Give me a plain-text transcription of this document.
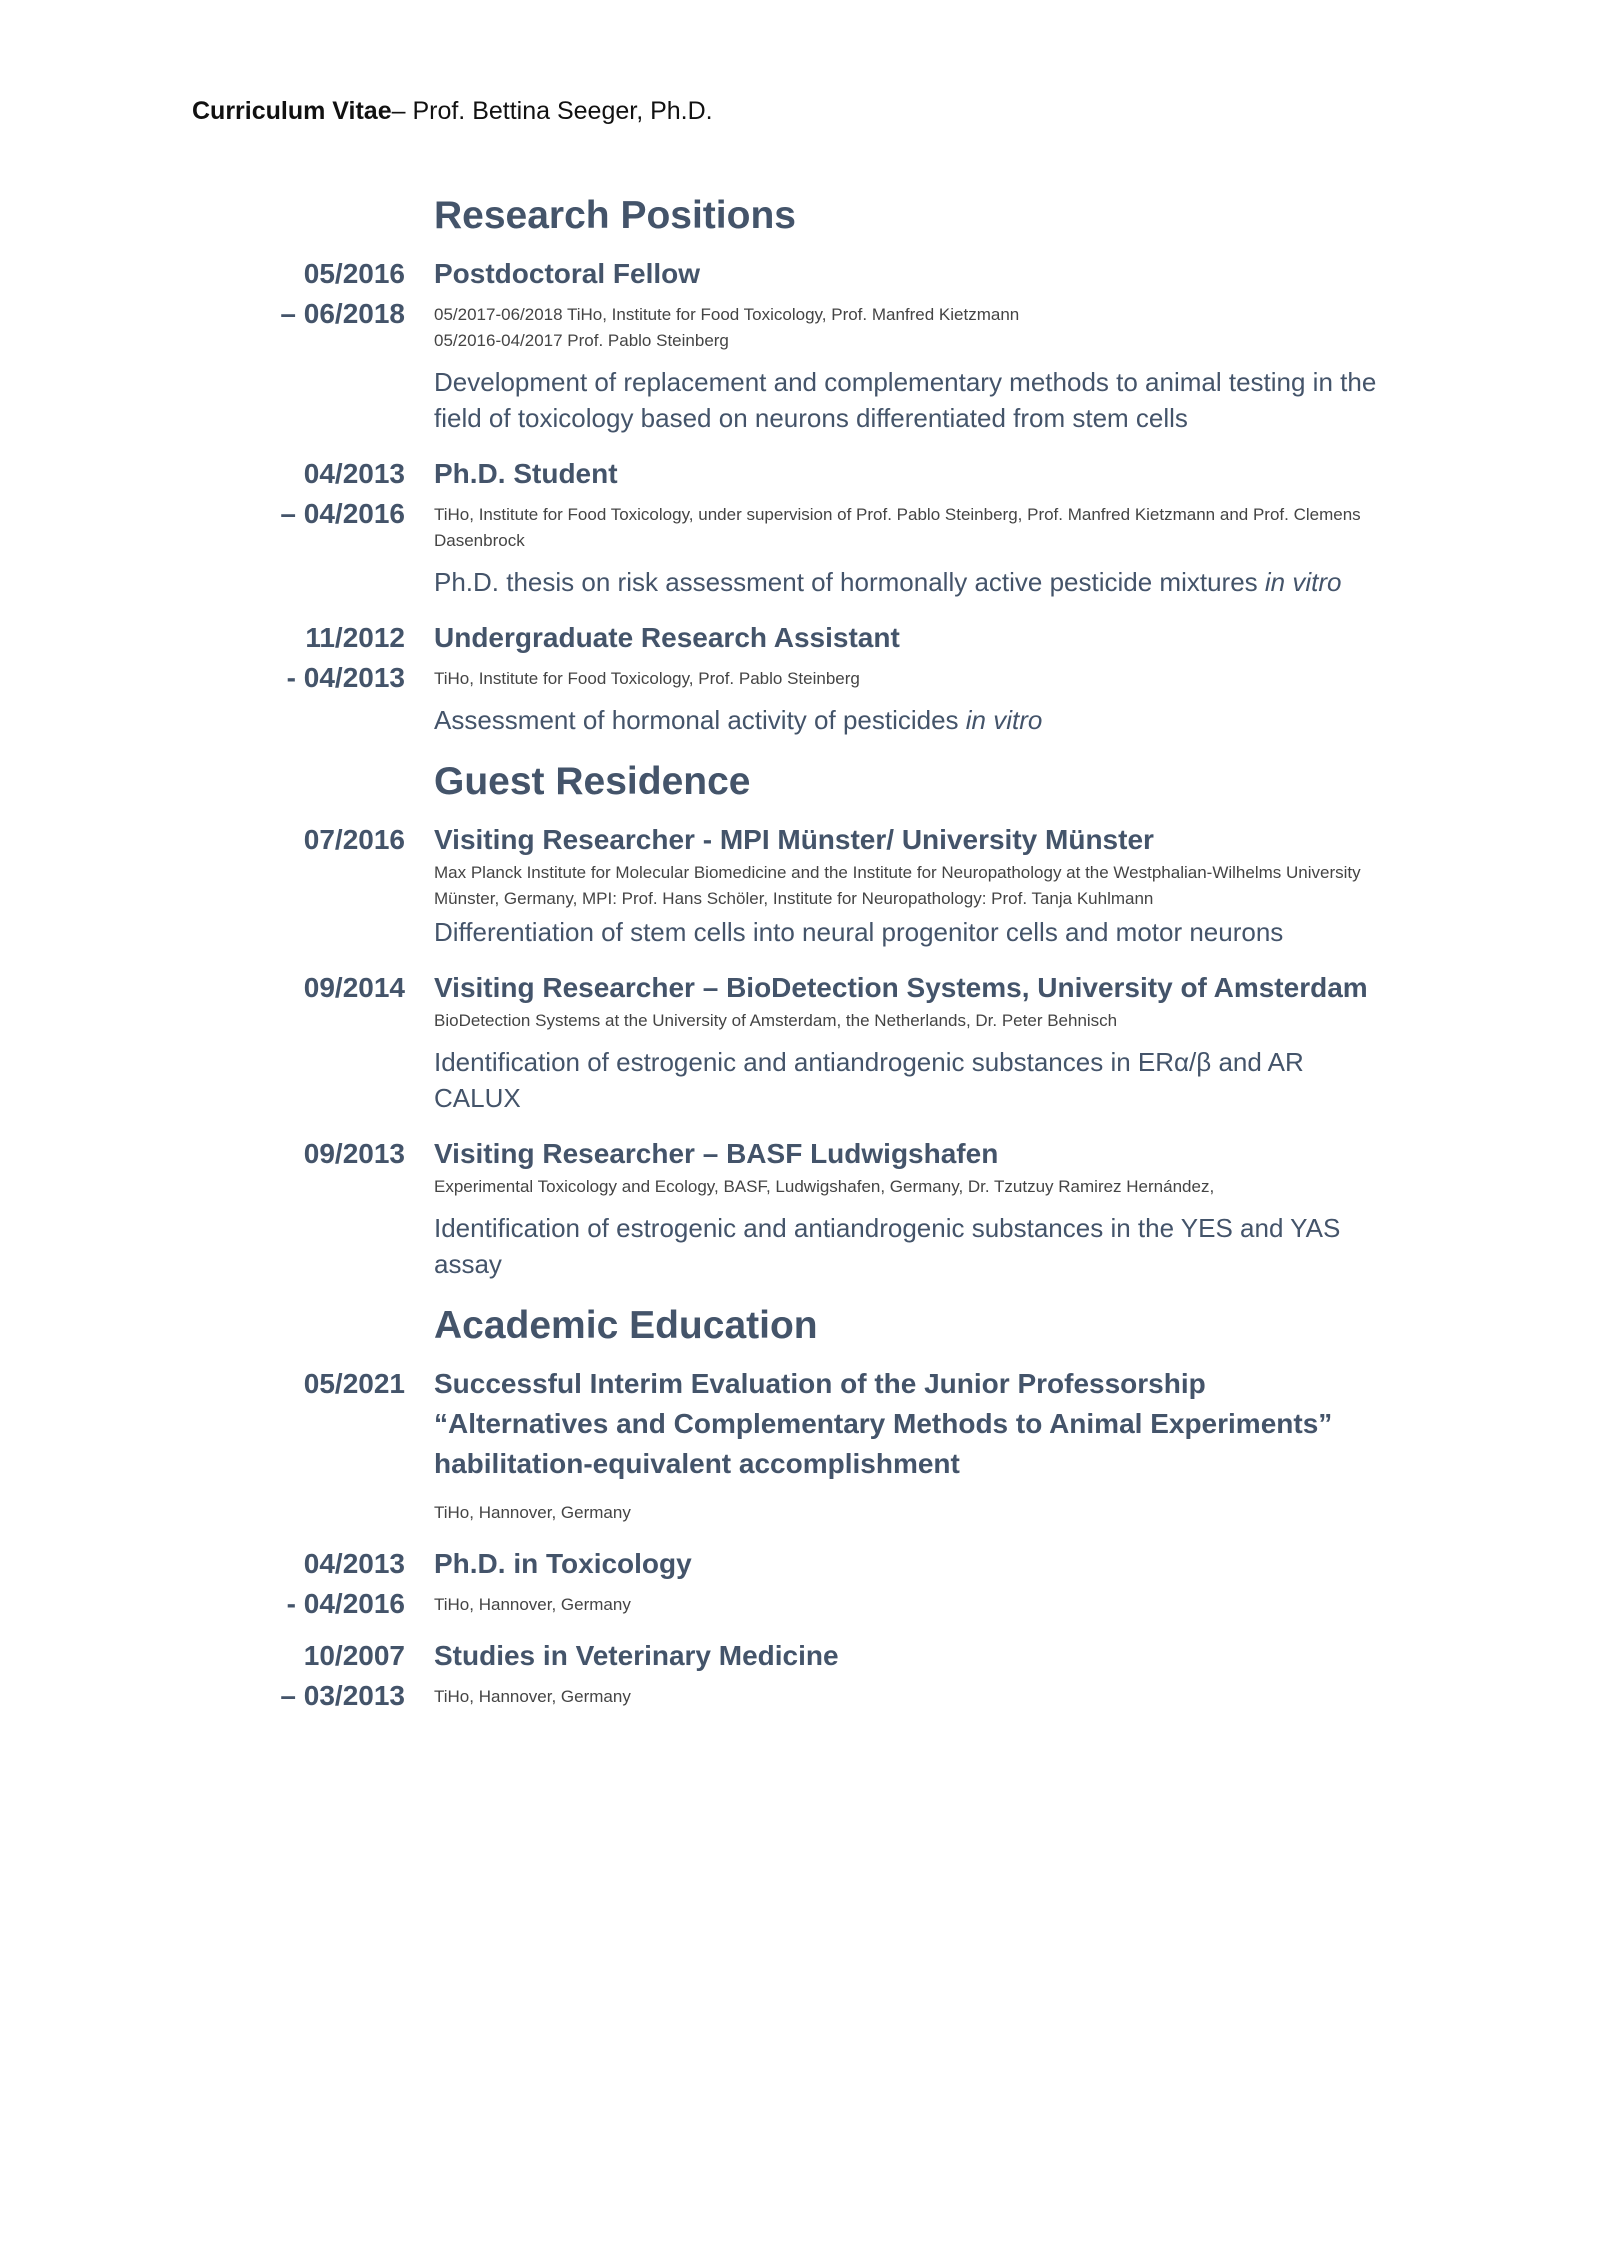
Curriculum Vitae– Prof. Bettina Seeger, Ph.D.
Research Positions
05/2016
– 06/2018
Postdoctoral Fellow
05/2017-06/2018 TiHo, Institute for Food Toxicology, Prof. Manfred Kietzmann
05/2016-04/2017 Prof. Pablo Steinberg
Development of replacement and complementary methods to animal testing in the field of toxicology based on neurons differentiated from stem cells
04/2013
– 04/2016
Ph.D. Student
TiHo, Institute for Food Toxicology, under supervision of Prof. Pablo Steinberg, Prof. Manfred Kietzmann and Prof. Clemens Dasenbrock
Ph.D. thesis on risk assessment of hormonally active pesticide mixtures in vitro
11/2012
- 04/2013
Undergraduate Research Assistant
TiHo, Institute for Food Toxicology, Prof. Pablo Steinberg
Assessment of hormonal activity of pesticides in vitro
Guest Residence
07/2016 Visiting Researcher - MPI Münster/ University Münster
Max Planck Institute for Molecular Biomedicine and the Institute for Neuropathology at the Westphalian-Wilhelms University Münster, Germany, MPI: Prof. Hans Schöler, Institute for Neuropathology: Prof. Tanja Kuhlmann
Differentiation of stem cells into neural progenitor cells and motor neurons
09/2014 Visiting Researcher – BioDetection Systems, University of Amsterdam
BioDetection Systems at the University of Amsterdam, the Netherlands, Dr. Peter Behnisch
Identification of estrogenic and antiandrogenic substances in ERα/β and AR CALUX
09/2013 Visiting Researcher – BASF Ludwigshafen
Experimental Toxicology and Ecology, BASF, Ludwigshafen, Germany, Dr. Tzutzuy Ramirez Hernández,
Identification of estrogenic and antiandrogenic substances in the YES and YAS assay
Academic Education
05/2021 Successful Interim Evaluation of the Junior Professorship
“Alternatives and Complementary Methods to Animal Experiments”
habilitation-equivalent accomplishment
TiHo, Hannover, Germany
04/2013
- 04/2016
Ph.D. in Toxicology
TiHo, Hannover, Germany
10/2007
– 03/2013
Studies in Veterinary Medicine
TiHo, Hannover, Germany
